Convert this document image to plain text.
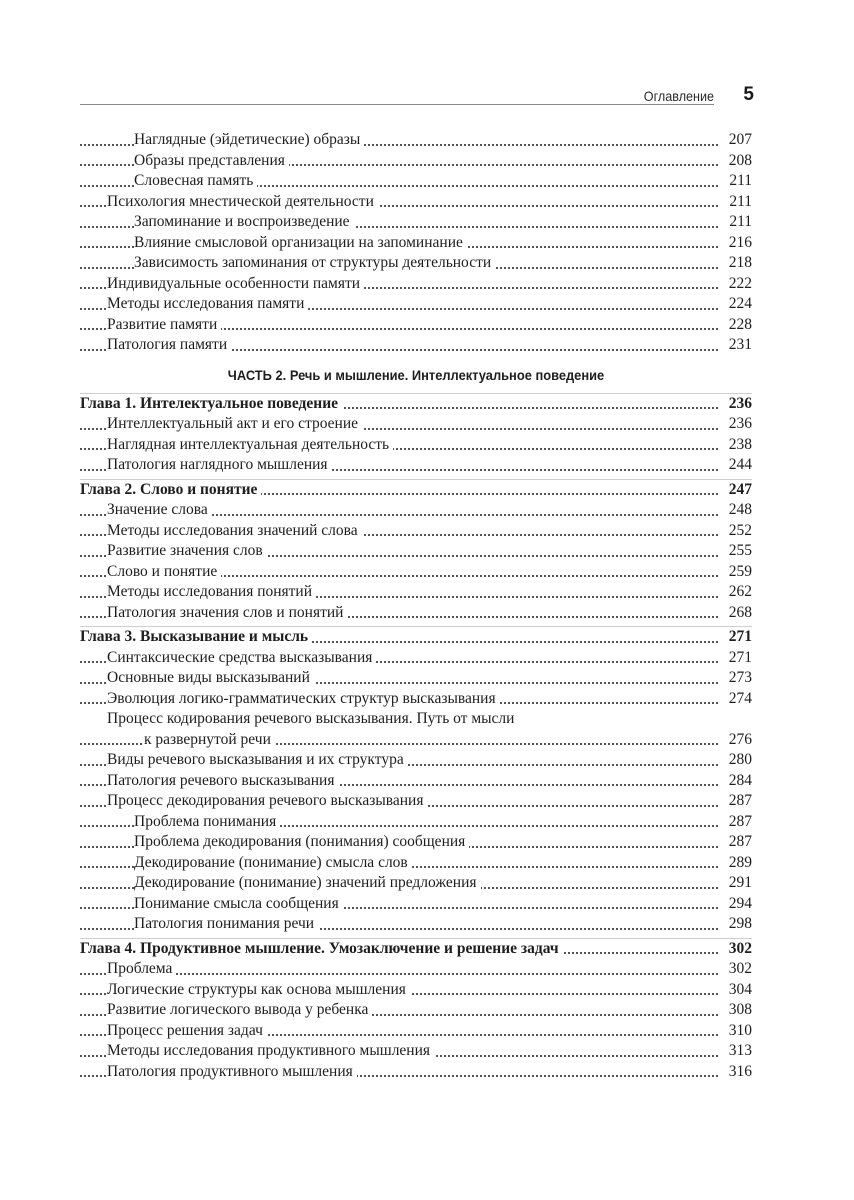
Оглавление 5
Наглядные (эйдетические) образы	207
Образы представления	208
Словесная память	211
Психология мнестической деятельности	211
Запоминание и воспроизведение	211
Влияние смысловой организации на запоминание	216
Зависимость запоминания от структуры деятельности	218
Индивидуальные особенности памяти	222
Методы исследования памяти	224
Развитие памяти	228
Патология памяти	231
ЧАСТЬ 2. Речь и мышление. Интеллектуальное поведение
Глава 1. Интелектуальное поведение	236
Интеллектуальный акт и его строение	236
Наглядная интеллектуальная деятельность	238
Патология наглядного мышления	244
Глава 2. Слово и понятие	247
Значение слова	248
Методы исследования значений слова	252
Развитие значения слов	255
Слово и понятие	259
Методы исследования понятий	262
Патология значения слов и понятий	268
Глава 3. Высказывание и мысль	271
Синтаксические средства высказывания	271
Основные виды высказываний	273
Эволюция логико-грамматических структур высказывания	274
Процесс кодирования речевого высказывания. Путь от мысли
к развернутой речи	276
Виды речевого высказывания и их структура	280
Патология речевого высказывания	284
Процесс декодирования речевого высказывания	287
Проблема понимания	287
Проблема декодирования (понимания) сообщения	287
Декодирование (понимание) смысла слов	289
Декодирование (понимание) значений предложения	291
Понимание смысла сообщения	294
Патология понимания речи	298
Глава 4. Продуктивное мышление. Умозаключение и решение задач	302
Проблема	302
Логические структуры как основа мышления	304
Развитие логического вывода у ребенка	308
Процесс решения задач	310
Методы исследования продуктивного мышления	313
Патология продуктивного мышления	316
